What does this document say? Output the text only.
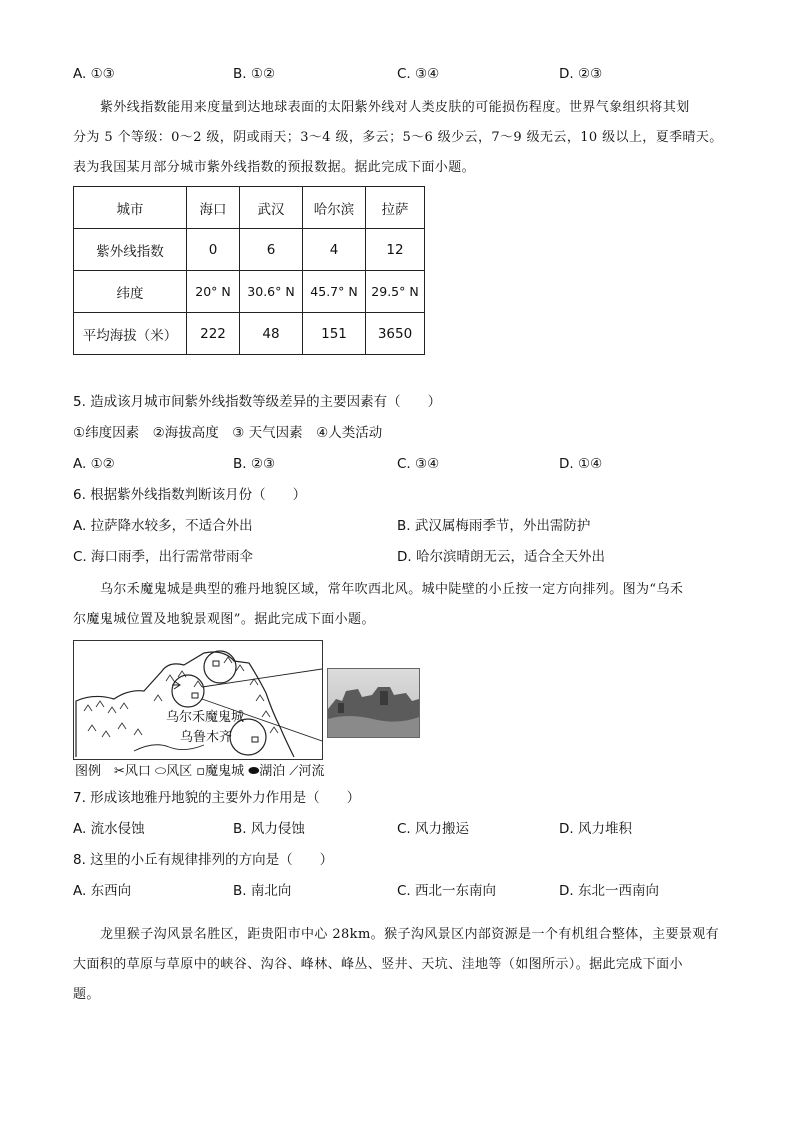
A. ①③	B. ①②	C. ③④	D. ②③
紫外线指数能用来度量到达地球表面的太阳紫外线对人类皮肤的可能损伤程度。世界气象组织将其划
分为 5 个等级：0～2 级，阴或雨天；3～4 级，多云；5～6 级少云，7～9 级无云，10 级以上，夏季晴天。
表为我国某月部分城市紫外线指数的预报数据。据此完成下面小题。
城市	海口	武汉	哈尔滨	拉萨
紫外线指数	0	6	4	12
纬度	20° N	30.6° N	45.7° N	29.5° N
平均海拔（米）	222	48	151	3650
5. 造成该月城市间紫外线指数等级差异的主要因素有（　　）
①纬度因素　②海拔高度　③ 天气因素　④人类活动
A. ①②	B. ②③	C. ③④	D. ①④
6. 根据紫外线指数判断该月份（　　）
A. 拉萨降水较多，不适合外出	B. 武汉属梅雨季节，外出需防护
C. 海口雨季，出行需常带雨伞	D. 哈尔滨晴朗无云，适合全天外出
乌尔禾魔鬼城是典型的雅丹地貌区域，常年吹西北风。城中陡壁的小丘按一定方向排列。图为“乌禾
尔魔鬼城位置及地貌景观图”。据此完成下面小题。
乌尔禾魔鬼城
乌鲁木齐
图例　✂风口 ⬭风区 ▫魔鬼城 ⬬湖泊 ⟋河流
7. 形成该地雅丹地貌的主要外力作用是（　　）
A. 流水侵蚀	B. 风力侵蚀	C. 风力搬运	D. 风力堆积
8. 这里的小丘有规律排列的方向是（　　）
A. 东西向	B. 南北向	C. 西北一东南向	D. 东北一西南向
龙里猴子沟风景名胜区，距贵阳市中心 28km。猴子沟风景区内部资源是一个有机组合整体，主要景观有
大面积的草原与草原中的峡谷、沟谷、峰林、峰丛、竖井、天坑、洼地等（如图所示）。据此完成下面小
题。
